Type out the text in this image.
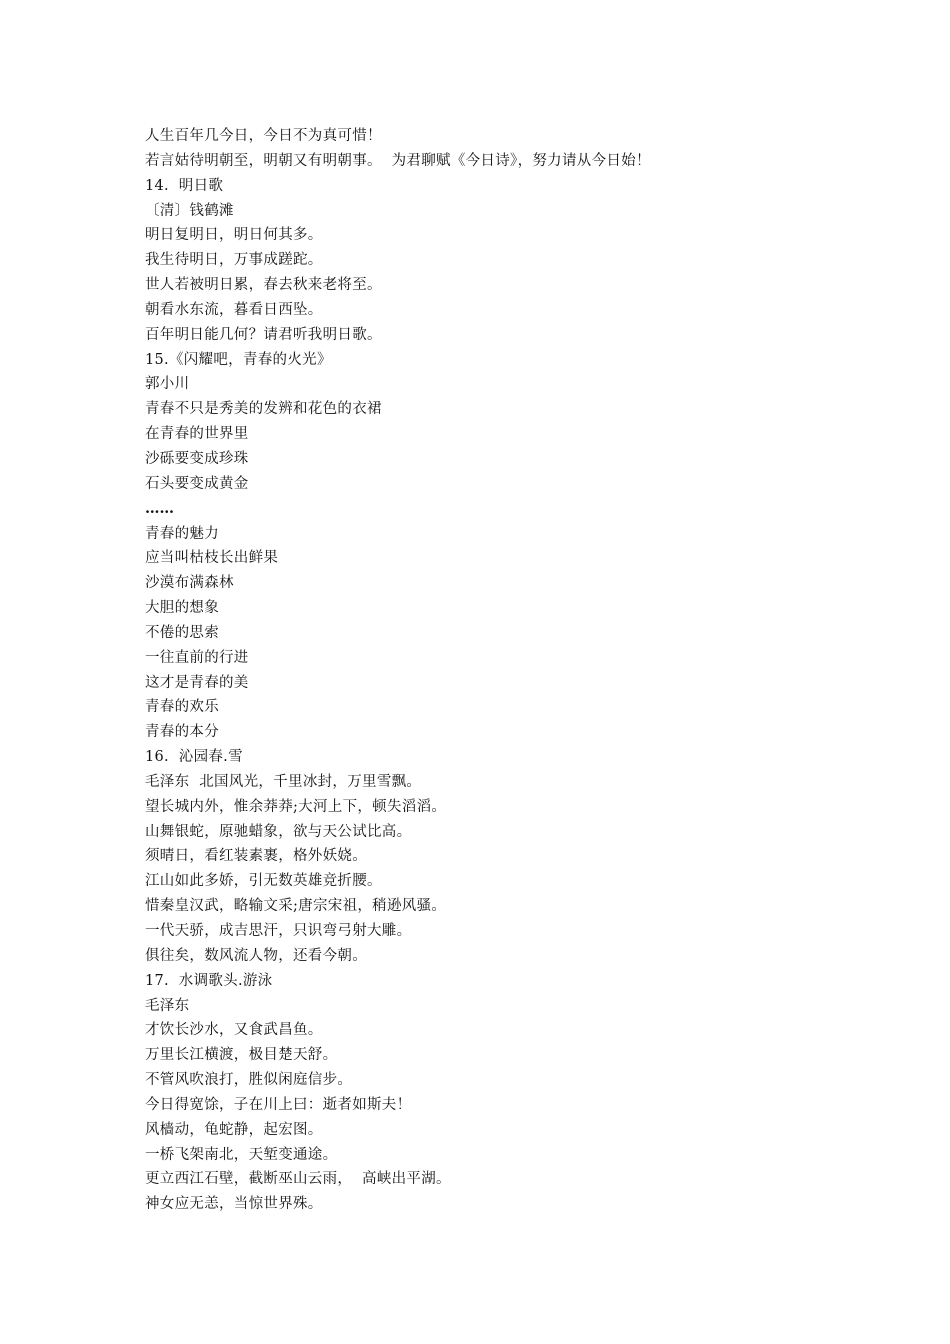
人生百年几今日，今日不为真可惜！
若言姑待明朝至，明朝又有明朝事。  为君聊赋《今日诗》，努力请从今日始！
14.  明日歌
〔清〕钱鹤滩
明日复明日，明日何其多。
我生待明日，万事成蹉跎。
世人若被明日累，春去秋来老将至。
朝看水东流，暮看日西坠。
百年明日能几何？请君听我明日歌。
15.《闪耀吧，青春的火光》
郭小川
青春不只是秀美的发辨和花色的衣裙
在青春的世界里
沙砾要变成珍珠
石头要变成黄金
……
青春的魅力
应当叫枯枝长出鲜果
沙漠布满森林
大胆的想象
不倦的思索
一往直前的行进
这才是青春的美
青春的欢乐
青春的本分
16.  沁园春.雪
毛泽东  北国风光，千里冰封，万里雪飘。
望长城内外，惟余莽莽;大河上下，顿失滔滔。
山舞银蛇，原驰蜡象，欲与天公试比高。
须晴日，看红装素裹，格外妖娆。
江山如此多娇，引无数英雄竞折腰。
惜秦皇汉武，略输文采;唐宗宋祖，稍逊风骚。
一代天骄，成吉思汗，只识弯弓射大雕。
俱往矣，数风流人物，还看今朝。
17.  水调歌头.游泳
毛泽东
才饮长沙水，又食武昌鱼。
万里长江横渡，极目楚天舒。
不管风吹浪打，胜似闲庭信步。
今日得宽馀，子在川上曰：逝者如斯夫！
风樯动，龟蛇静，起宏图。
一桥飞架南北，天堑变通途。
更立西江石壁，截断巫山云雨，  高峡出平湖。
神女应无恙，当惊世界殊。
